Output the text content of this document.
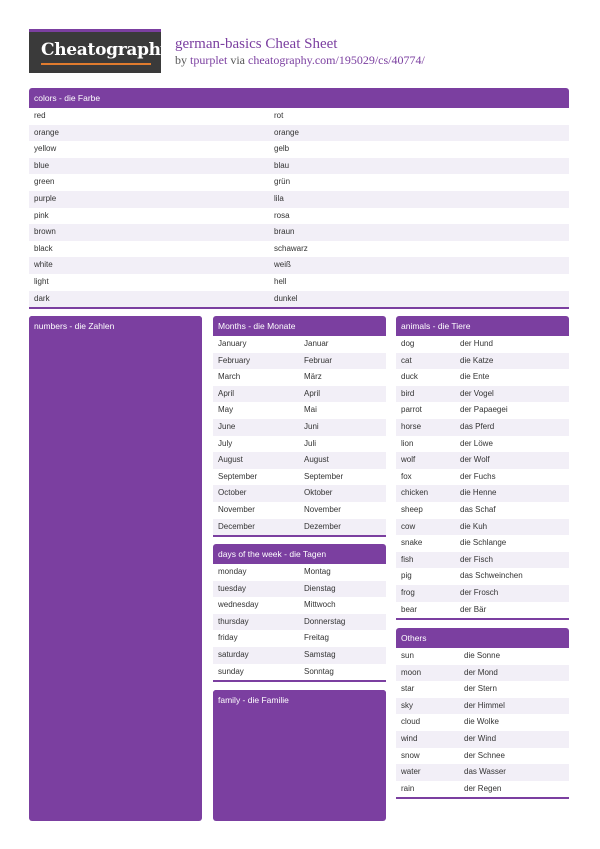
Cheatography german-basics Cheat Sheet
by tpurplet via cheatography.com/195029/cs/40774/
colors - die Farbe
red	rot
orange	orange
yellow	gelb
blue	blau
green	grün
purple	lila
pink	rosa
brown	braun
black	schawarz
white	weiß
light	hell
dark	dunkel
numbers - die Zahlen	Months - die Monate
January	Januar
February	Februar
March	März
April	April
May	Mai
June	Juni
July	Juli
August	August
September	September
October	Oktober
November	November
December	Dezember
days of the week - die Tagen
monday	Montag
tuesday	Dienstag
wednesday	Mittwoch
thursday	Donnerstag
friday	Freitag
saturday	Samstag
sunday	Sonntag
family - die Familie
animals - die Tiere
dog	der Hund
cat	die Katze
duck	die Ente
bird	der Vogel
parrot	der Papaegei
horse	das Pferd
lion	der Löwe
wolf	der Wolf
fox	der Fuchs
chicken	die Henne
sheep	das Schaf
cow	die Kuh
snake	die Schlange
fish	der Fisch
pig	das Schweinchen
frog	der Frosch
bear	der Bär
Others
sun	die Sonne
moon	der Mond
star	der Stern
sky	der Himmel
cloud	die Wolke
wind	der Wind
snow	der Schnee
water	das Wasser
rain	der Regen
